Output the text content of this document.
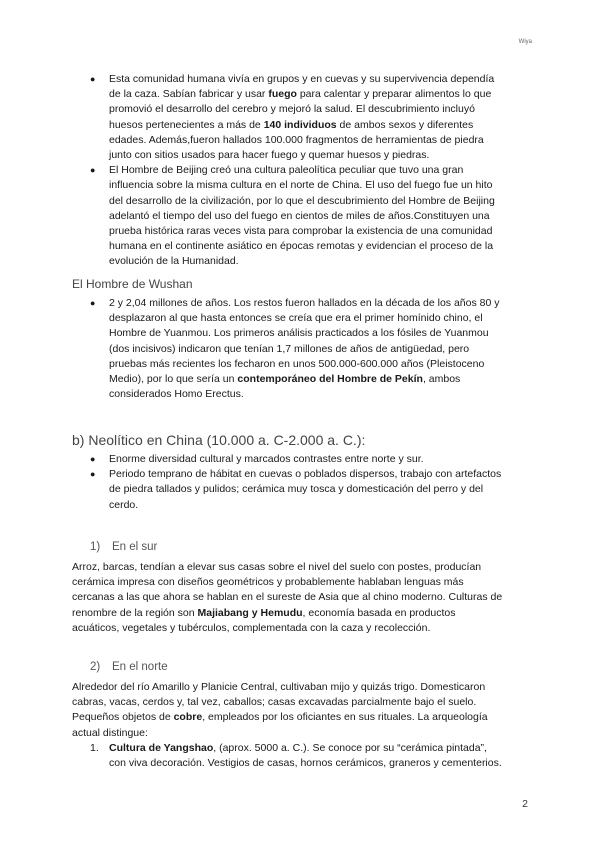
Wiya
● Esta comunidad humana vivía en grupos y en cuevas y su supervivencia dependía
de la caza. Sabían fabricar y usar fuego para calentar y preparar alimentos lo que
promovió el desarrollo del cerebro y mejoró la salud. El descubrimiento incluyó
huesos pertenecientes a más de 140 individuos de ambos sexos y diferentes
edades. Además,fueron hallados 100.000 fragmentos de herramientas de piedra
junto con sitios usados para hacer fuego y quemar huesos y piedras.
● El Hombre de Beijing creó una cultura paleolítica peculiar que tuvo una gran
influencia sobre la misma cultura en el norte de China. El uso del fuego fue un hito
del desarrollo de la civilización, por lo que el descubrimiento del Hombre de Beijing
adelantó el tiempo del uso del fuego en cientos de miles de años.Constituyen una
prueba histórica raras veces vista para comprobar la existencia de una comunidad
humana en el continente asiático en épocas remotas y evidencian el proceso de la
evolución de la Humanidad.
El Hombre de Wushan
● 2 y 2,04 millones de años. Los restos fueron hallados en la década de los años 80 y
desplazaron al que hasta entonces se creía que era el primer homínido chino, el
Hombre de Yuanmou. Los primeros análisis practicados a los fósiles de Yuanmou
(dos incisivos) indicaron que tenían 1,7 millones de años de antigüedad, pero
pruebas más recientes los fecharon en unos 500.000-600.000 años (Pleistoceno
Medio), por lo que sería un contemporáneo del Hombre de Pekín, ambos
considerados Homo Erectus.
b) Neolítico en China (10.000 a. C-2.000 a. C.):
● Enorme diversidad cultural y marcados contrastes entre norte y sur.
● Periodo temprano de hábitat en cuevas o poblados dispersos, trabajo con artefactos
de piedra tallados y pulidos; cerámica muy tosca y domesticación del perro y del
cerdo.
1) En el sur
Arroz, barcas, tendían a elevar sus casas sobre el nivel del suelo con postes, producían
cerámica impresa con diseños geométricos y probablemente hablaban lenguas más
cercanas a las que ahora se hablan en el sureste de Asia que al chino moderno. Culturas de
renombre de la región son Majiabang y Hemudu, economía basada en productos
acuáticos, vegetales y tubérculos, complementada con la caza y recolección.
2) En el norte
Alrededor del río Amarillo y Planicie Central, cultivaban mijo y quizás trigo. Domesticaron
cabras, vacas, cerdos y, tal vez, caballos; casas excavadas parcialmente bajo el suelo.
Pequeños objetos de cobre, empleados por los oficiantes en sus rituales. La arqueología
actual distingue:
1. Cultura de Yangshao, (aprox. 5000 a. C.). Se conoce por su “cerámica pintada”,
con viva decoración. Vestigios de casas, hornos cerámicos, graneros y cementerios.
2
